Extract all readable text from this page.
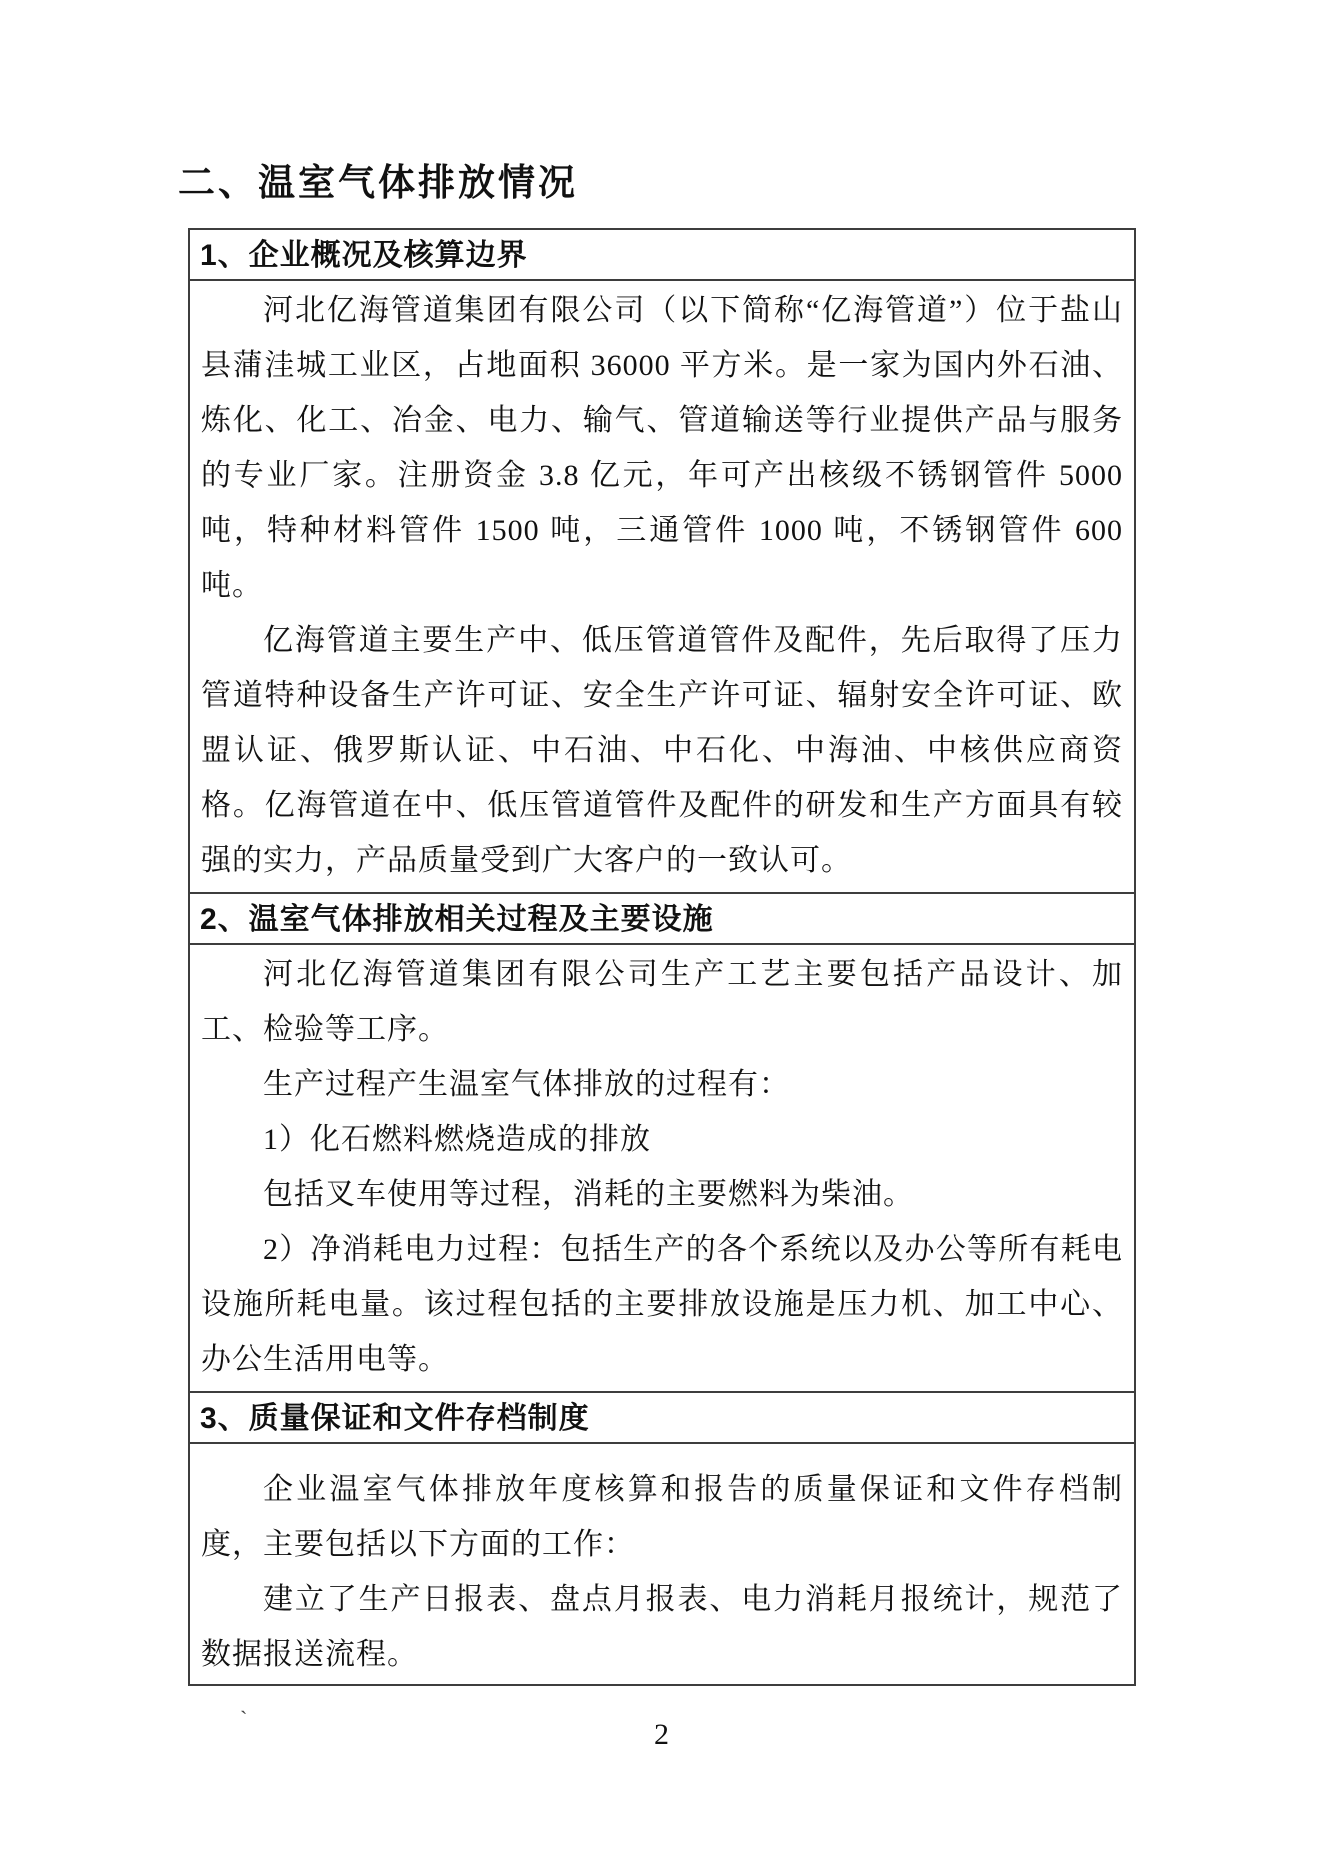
二、温室气体排放情况
1、企业概况及核算边界

河北亿海管道集团有限公司（以下简称“亿海管道”）位于盐山县蒲洼城工业区，占地面积 36000 平方米。是一家为国内外石油、炼化、化工、冶金、电力、输气、管道输送等行业提供产品与服务的专业厂家。注册资金 3.8 亿元，年可产出核级不锈钢管件 5000 吨，特种材料管件 1500 吨，三通管件 1000 吨，不锈钢管件 600 吨。

亿海管道主要生产中、低压管道管件及配件，先后取得了压力管道特种设备生产许可证、安全生产许可证、辐射安全许可证、欧盟认证、俄罗斯认证、中石油、中石化、中海油、中核供应商资格。亿海管道在中、低压管道管件及配件的研发和生产方面具有较强的实力，产品质量受到广大客户的一致认可。

2、温室气体排放相关过程及主要设施

河北亿海管道集团有限公司生产工艺主要包括产品设计、加工、检验等工序。

生产过程产生温室气体排放的过程有：

1）化石燃料燃烧造成的排放

包括叉车使用等过程，消耗的主要燃料为柴油。

2）净消耗电力过程：包括生产的各个系统以及办公等所有耗电设施所耗电量。该过程包括的主要排放设施是压力机、加工中心、办公生活用电等。

3、质量保证和文件存档制度

企业温室气体排放年度核算和报告的质量保证和文件存档制度，主要包括以下方面的工作：

建立了生产日报表、盘点月报表、电力消耗月报统计，规范了数据报送流程。

`	2
